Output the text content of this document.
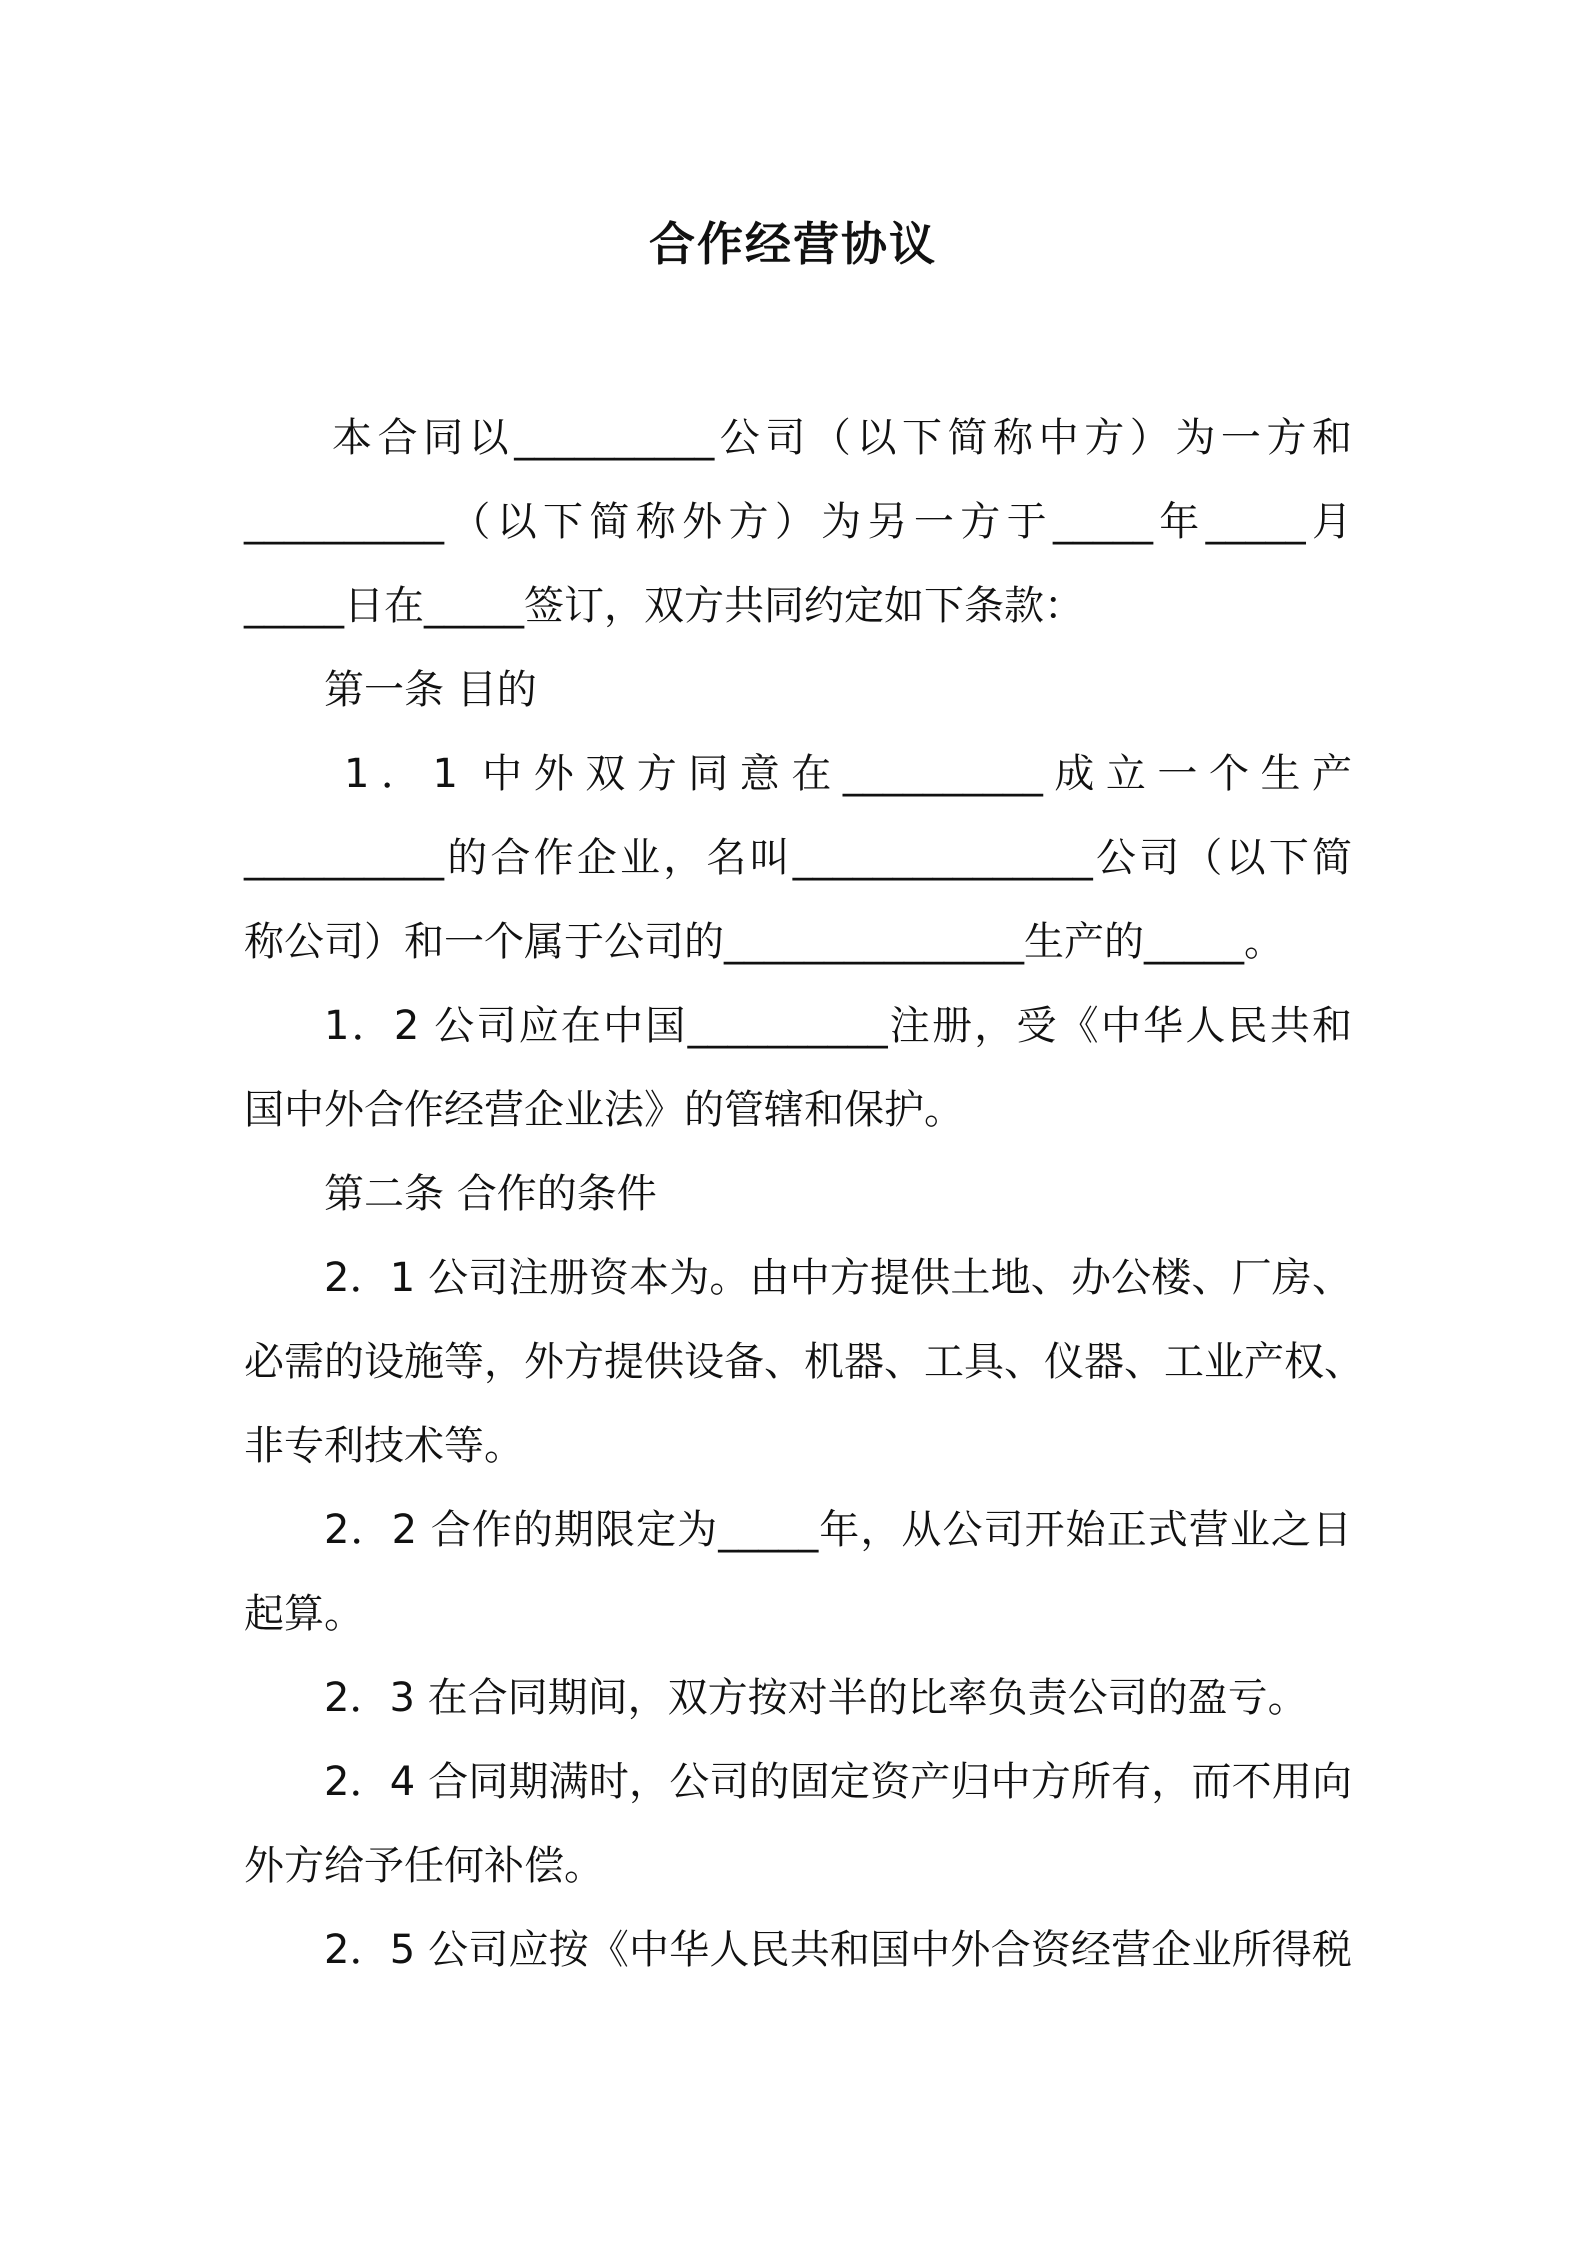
合作经营协议
本合同以__________公司（以下简称中方）为一方和
__________（以下简称外方）为另一方于_____年_____月
_____日在_____签订，双方共同约定如下条款：
第一条 目的
1．1 中外双方同意在__________成立一个生产
__________的合作企业，名叫_______________公司（以下简
称公司）和一个属于公司的_______________生产的_____。
1．2 公司应在中国__________注册，受《中华人民共和
国中外合作经营企业法》的管辖和保护。
第二条 合作的条件
2．1 公司注册资本为。由中方提供土地、办公楼、厂房、
必需的设施等，外方提供设备、机器、工具、仪器、工业产权、
非专利技术等。
2．2 合作的期限定为_____年，从公司开始正式营业之日
起算。
2．3 在合同期间，双方按对半的比率负责公司的盈亏。
2．4 合同期满时，公司的固定资产归中方所有，而不用向
外方给予任何补偿。
2．5 公司应按《中华人民共和国中外合资经营企业所得税
